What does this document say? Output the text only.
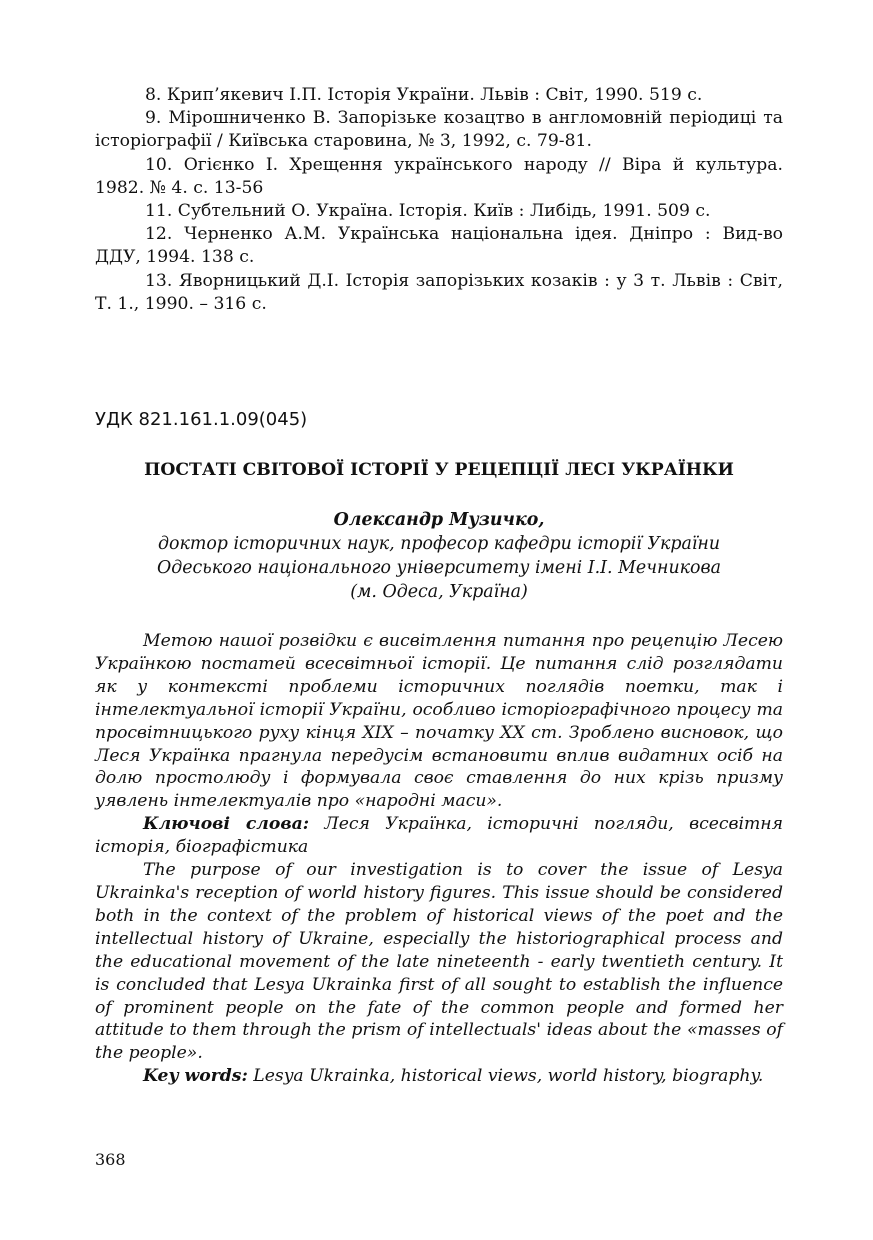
8. Крип’якевич І.П. Історія України. Львів : Світ, 1990. 519 с.

9. Мірошниченко В. Запорізьке козацтво в англомовній періодиці та історіографії / Київська старовина, № 3, 1992, с. 79-81.

10. Огієнко І. Хрещення українського народу // Віра й культура. 1982. № 4. с. 13-56

11. Субтельний О. Україна. Історія. Київ : Либідь, 1991. 509 с.

12. Черненко А.М. Українська національна ідея. Дніпро : Вид-во ДДУ, 1994. 138 с.

13. Яворницький Д.І. Історія запорізьких козаків : у 3 т. Львів : Світ, Т. 1., 1990. – 316 с.

УДК 821.161.1.09(045)
ПОСТАТІ СВІТОВОЇ ІСТОРІЇ У РЕЦЕПЦІЇ ЛЕСІ УКРАЇНКИ
Олександр Музичко,
доктор історичних наук, професор кафедри історії України
Одеського національного університету імені І.І. Мечникова
(м. Одеса, Україна)

Метою нашої розвідки є висвітлення питання про рецепцію Лесею Українкою постатей всесвітньої історії. Це питання слід розглядати як у контексті проблеми історичних поглядів поетки, так і інтелектуальної історії України, особливо історіографічного процесу та просвітницького руху кінця ХІХ – початку ХХ ст. Зроблено висновок, що Леся Українка прагнула передусім встановити вплив видатних осіб на долю простолюду і формувала своє ставлення до них крізь призму уявлень інтелектуалів про «народні маси».

Ключові слова: Леся Українка, історичні погляди, всесвітня історія, біографістика

The purpose of our investigation is to cover the issue of Lesya Ukrainka's reception of world history figures. This issue should be considered both in the context of the problem of historical views of the poet and the intellectual history of Ukraine, especially the historiographical process and the educational movement of the late nineteenth - early twentieth century. It is concluded that Lesya Ukrainka first of all sought to establish the influence of prominent people on the fate of the common people and formed her attitude to them through the prism of intellectuals' ideas about the «masses of the people».

Key words: Lesya Ukrainka, historical views, world history, biography.

368
